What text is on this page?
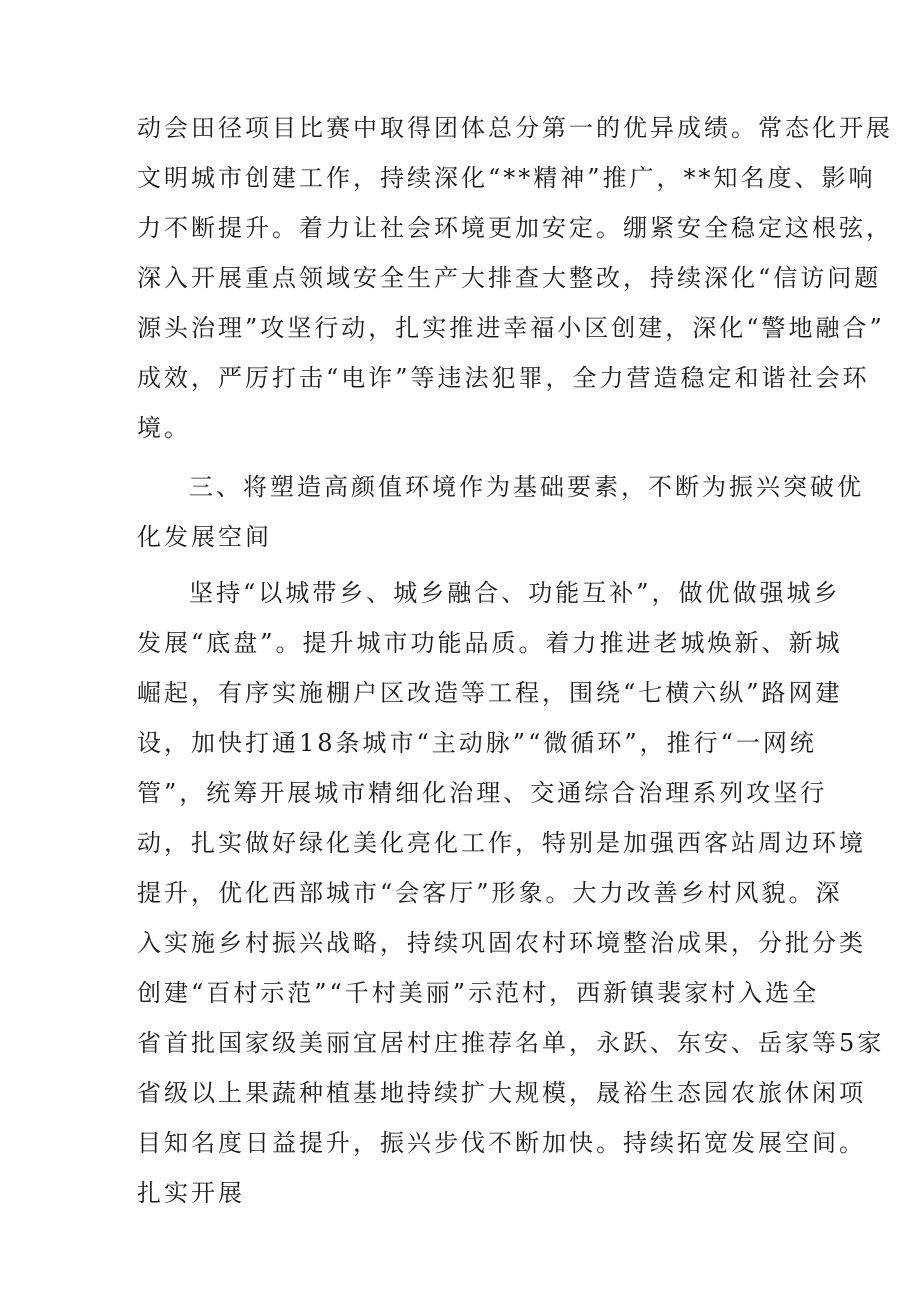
动会田径项目比赛中取得团体总分第一的优异成绩。常态化开展
文明城市创建工作，持续深化“**精神”推广，**知名度、影响
力不断提升。着力让社会环境更加安定。绷紧安全稳定这根弦，
深入开展重点领域安全生产大排查大整改，持续深化“信访问题
源头治理”攻坚行动，扎实推进幸福小区创建，深化“警地融合”
成效，严厉打击“电诈”等违法犯罪，全力营造稳定和谐社会环
境。
三、将塑造高颜值环境作为基础要素，不断为振兴突破优
化发展空间
坚持“以城带乡、城乡融合、功能互补”，做优做强城乡
发展“底盘”。提升城市功能品质。着力推进老城焕新、新城
崛起，有序实施棚户区改造等工程，围绕“七横六纵”路网建
设，加快打通18条城市“主动脉”“微循环”，推行“一网统
管”，统筹开展城市精细化治理、交通综合治理系列攻坚行
动，扎实做好绿化美化亮化工作，特别是加强西客站周边环境
提升，优化西部城市“会客厅”形象。大力改善乡村风貌。深
入实施乡村振兴战略，持续巩固农村环境整治成果，分批分类
创建“百村示范”“千村美丽”示范村，西新镇裴家村入选全
省首批国家级美丽宜居村庄推荐名单，永跃、东安、岳家等5家
省级以上果蔬种植基地持续扩大规模，晟裕生态园农旅休闲项
目知名度日益提升，振兴步伐不断加快。持续拓宽发展空间。
扎实开展
